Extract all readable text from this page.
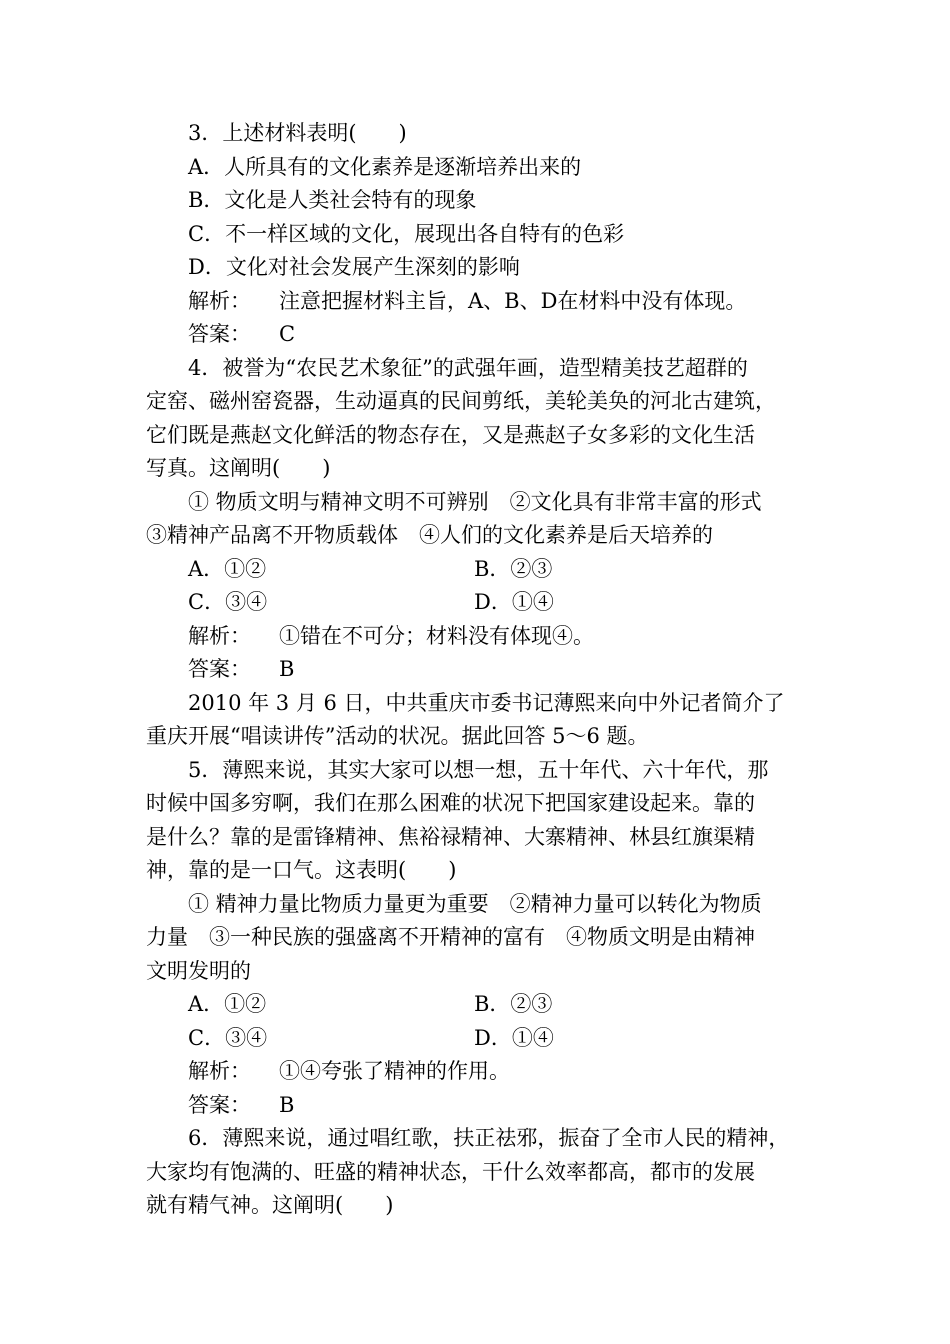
3．上述材料表明(　　)
A．人所具有的文化素养是逐渐培养出来的
B．文化是人类社会特有的现象
C．不一样区域的文化，展现出各自特有的色彩
D．文化对社会发展产生深刻的影响
解析： 注意把握材料主旨，A、B、D在材料中没有体现。
答案： C
4．被誉为“农民艺术象征”的武强年画，造型精美技艺超群的
定窑、磁州窑瓷器，生动逼真的民间剪纸，美轮美奂的河北古建筑，
它们既是燕赵文化鲜活的物态存在，又是燕赵子女多彩的文化生活
写真。这阐明(　　)
① 物质文明与精神文明不可辨别　②文化具有非常丰富的形式
③精神产品离不开物质载体　④人们的文化素养是后天培养的
A．①②	B．②③
C．③④	D．①④
解析： ①错在不可分；材料没有体现④。
答案： B
2010 年 3 月 6 日，中共重庆市委书记薄熙来向中外记者简介了
重庆开展“唱读讲传”活动的状况。据此回答 5～6 题。
5．薄熙来说，其实大家可以想一想，五十年代、六十年代，那
时候中国多穷啊，我们在那么困难的状况下把国家建设起来。靠的
是什么？靠的是雷锋精神、焦裕禄精神、大寨精神、林县红旗渠精
神，靠的是一口气。这表明(　　)
① 精神力量比物质力量更为重要　②精神力量可以转化为物质
力量　③一种民族的强盛离不开精神的富有　④物质文明是由精神
文明发明的
A．①②	B．②③
C．③④	D．①④
解析： ①④夸张了精神的作用。
答案： B
6．薄熙来说，通过唱红歌，扶正祛邪，振奋了全市人民的精神，
大家均有饱满的、旺盛的精神状态，干什么效率都高，都市的发展
就有精气神。这阐明(　　)
